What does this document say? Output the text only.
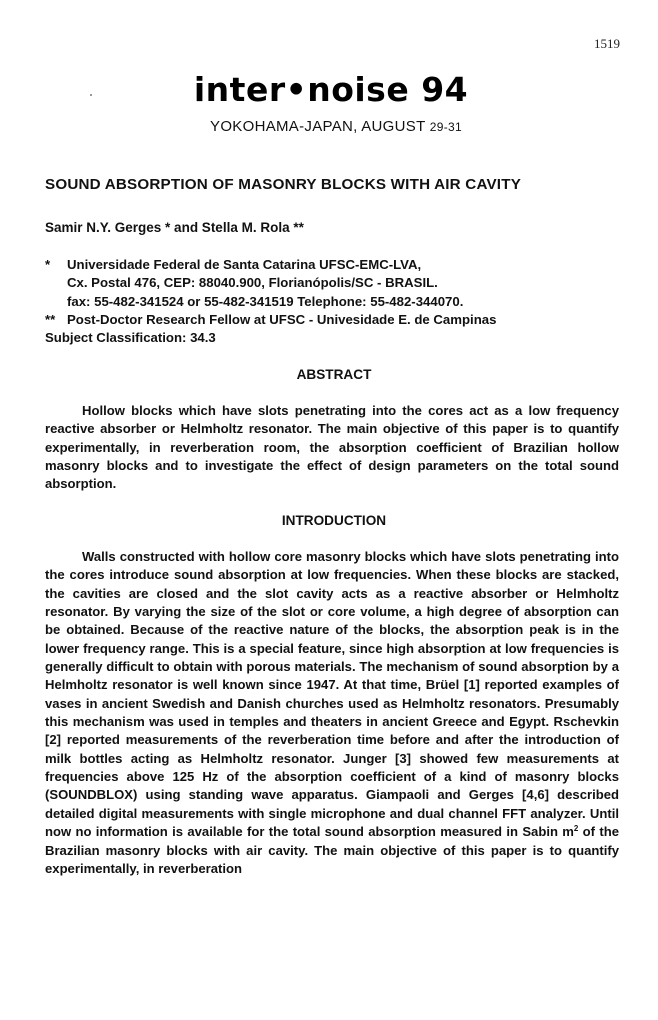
1519
inter•noise 94
YOKOHAMA-JAPAN, AUGUST 29-31
SOUND ABSORPTION OF MASONRY BLOCKS WITH AIR CAVITY
Samir N.Y. Gerges * and Stella M. Rola **
* Universidade Federal de Santa Catarina UFSC-EMC-LVA,
Cx. Postal 476, CEP: 88040.900, Florianópolis/SC - BRASIL.
fax: 55-482-341524 or 55-482-341519 Telephone: 55-482-344070.
** Post-Doctor Research Fellow at UFSC - Univesidade E. de Campinas
Subject Classification: 34.3
ABSTRACT

Hollow blocks which have slots penetrating into the cores act as a low frequency reactive absorber or Helmholtz resonator. The main objective of this paper is to quantify experimentally, in reverberation room, the absorption coefficient of Brazilian hollow masonry blocks and to investigate the effect of design parameters on the total sound absorption.

INTRODUCTION

Walls constructed with hollow core masonry blocks which have slots penetrating into the cores introduce sound absorption at low frequencies. When these blocks are stacked, the cavities are closed and the slot cavity acts as a reactive absorber or Helmholtz resonator. By varying the size of the slot or core volume, a high degree of absorption can be obtained. Because of the reactive nature of the blocks, the absorption peak is in the lower frequency range. This is a special feature, since high absorption at low frequencies is generally difficult to obtain with porous materials. The mechanism of sound absorption by a Helmholtz resonator is well known since 1947. At that time, Brüel [1] reported examples of vases in ancient Swedish and Danish churches used as Helmholtz resonators. Presumably this mechanism was used in temples and theaters in ancient Greece and Egypt. Rschevkin [2] reported measurements of the reverberation time before and after the introduction of milk bottles acting as Helmholtz resonator. Junger [3] showed few measurements at frequencies above 125 Hz of the absorption coefficient of a kind of masonry blocks (SOUNDBLOX) using standing wave apparatus. Giampaoli and Gerges [4,6] described detailed digital measurements with single microphone and dual channel FFT analyzer. Until now no information is available for the total sound absorption measured in Sabin $m^2$ of the Brazilian masonry blocks with air cavity. The main objective of this paper is to quantify experimentally, in reverberation
